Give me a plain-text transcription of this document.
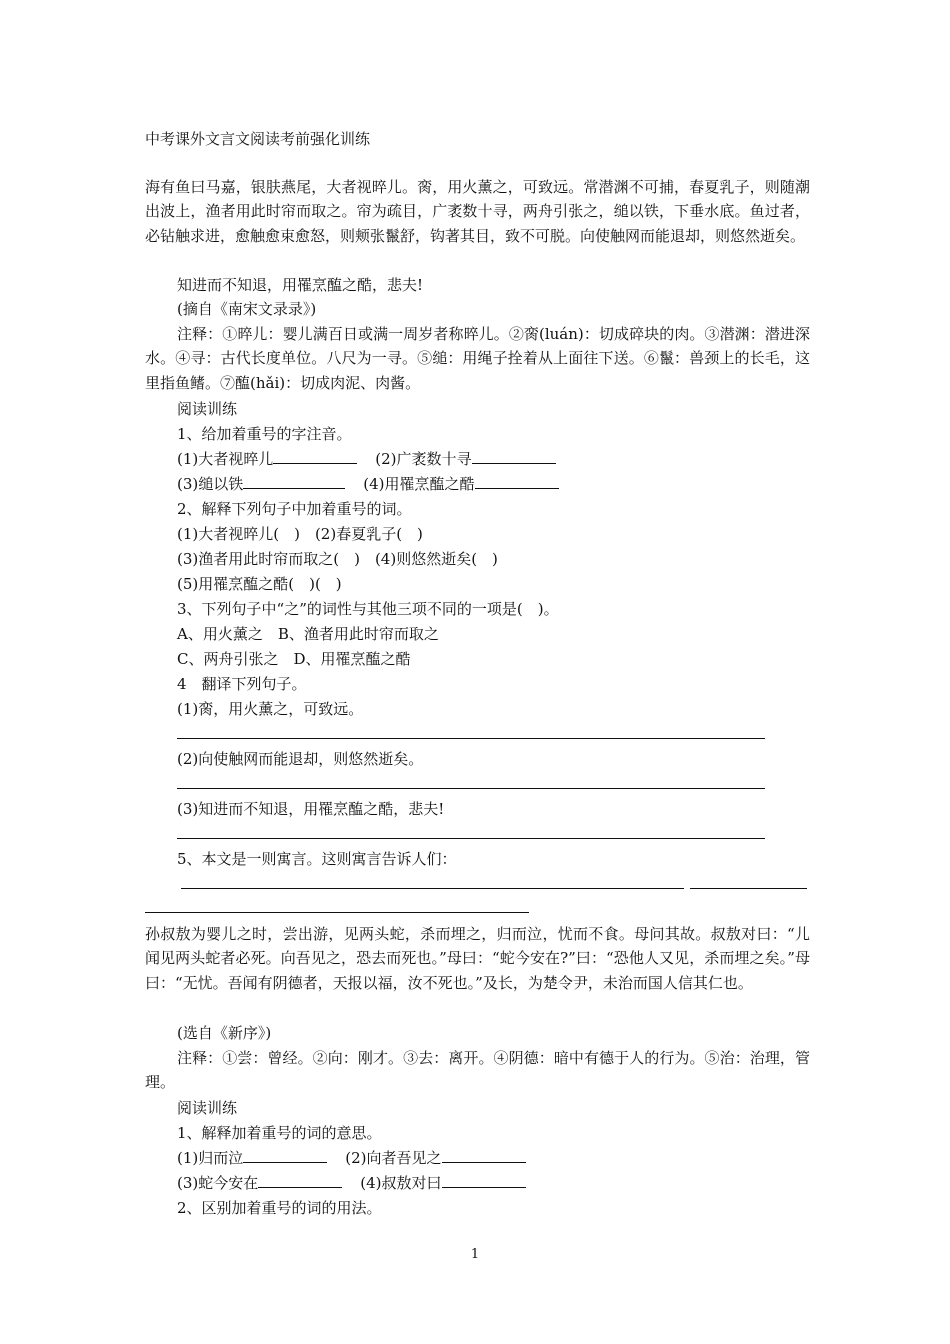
中考课外文言文阅读考前强化训练
海有鱼曰马嘉，银肤燕尾，大者视晬儿。脔，用火薰之，可致远。常潜渊不可捕，春夏乳子，则随潮出波上，渔者用此时帘而取之。帘为疏目，广袤数十寻，两舟引张之，缒以铁，下垂水底。鱼过者，必钻触求进，愈触愈束愈怒，则颊张鬣舒，钩著其目，致不可脱。向使触网而能退却，则悠然逝矣。
知进而不知退，用罹烹醢之酷，悲夫!
(摘自《南宋文录录》)
注释：①晬儿：婴儿满百日或满一周岁者称晬儿。②脔(luán)：切成碎块的肉。③潜渊：潜进深水。④寻：古代长度单位。八尺为一寻。⑤缒：用绳子拴着从上面往下送。⑥鬣：兽颈上的长毛，这里指鱼鳍。⑦醢(hǎi)：切成肉泥、肉酱。
阅读训练
1、给加着重号的字注音。
(1)大者视晬儿	(2)广袤数十寻
(3)缒以铁	(4)用罹烹醢之酷
2、解释下列句子中加着重号的词。
(1)大者视晬儿(　)　(2)春夏乳子(　)
(3)渔者用此时帘而取之(　)　(4)则悠然逝矣(　)
(5)用罹烹醢之酷(　)(　)
3、下列句子中“之”的词性与其他三项不同的一项是(　)。
A、用火薰之　B、渔者用此时帘而取之
C、两舟引张之　D、用罹烹醢之酷
4　翻译下列句子。
(1)脔，用火薰之，可致远。
(2)向使触网而能退却，则悠然逝矣。
(3)知进而不知退，用罹烹醢之酷，悲夫!
5、本文是一则寓言。这则寓言告诉人们：
孙叔敖为婴儿之时，尝出游，见两头蛇，杀而埋之，归而泣，忧而不食。母问其故。叔敖对曰：“儿闻见两头蛇者必死。向吾见之，恐去而死也。”母曰：“蛇今安在?”曰：“恐他人又见，杀而埋之矣。”母曰：“无忧。吾闻有阴德者，天报以福，汝不死也。”及长，为楚令尹，未治而国人信其仁也。
(选自《新序》)
注释：①尝：曾经。②向：刚才。③去：离开。④阴德：暗中有德于人的行为。⑤治：治理，管理。
阅读训练
1、解释加着重号的词的意思。
(1)归而泣	(2)向者吾见之
(3)蛇今安在	(4)叔敖对曰
2、区别加着重号的词的用法。
1
